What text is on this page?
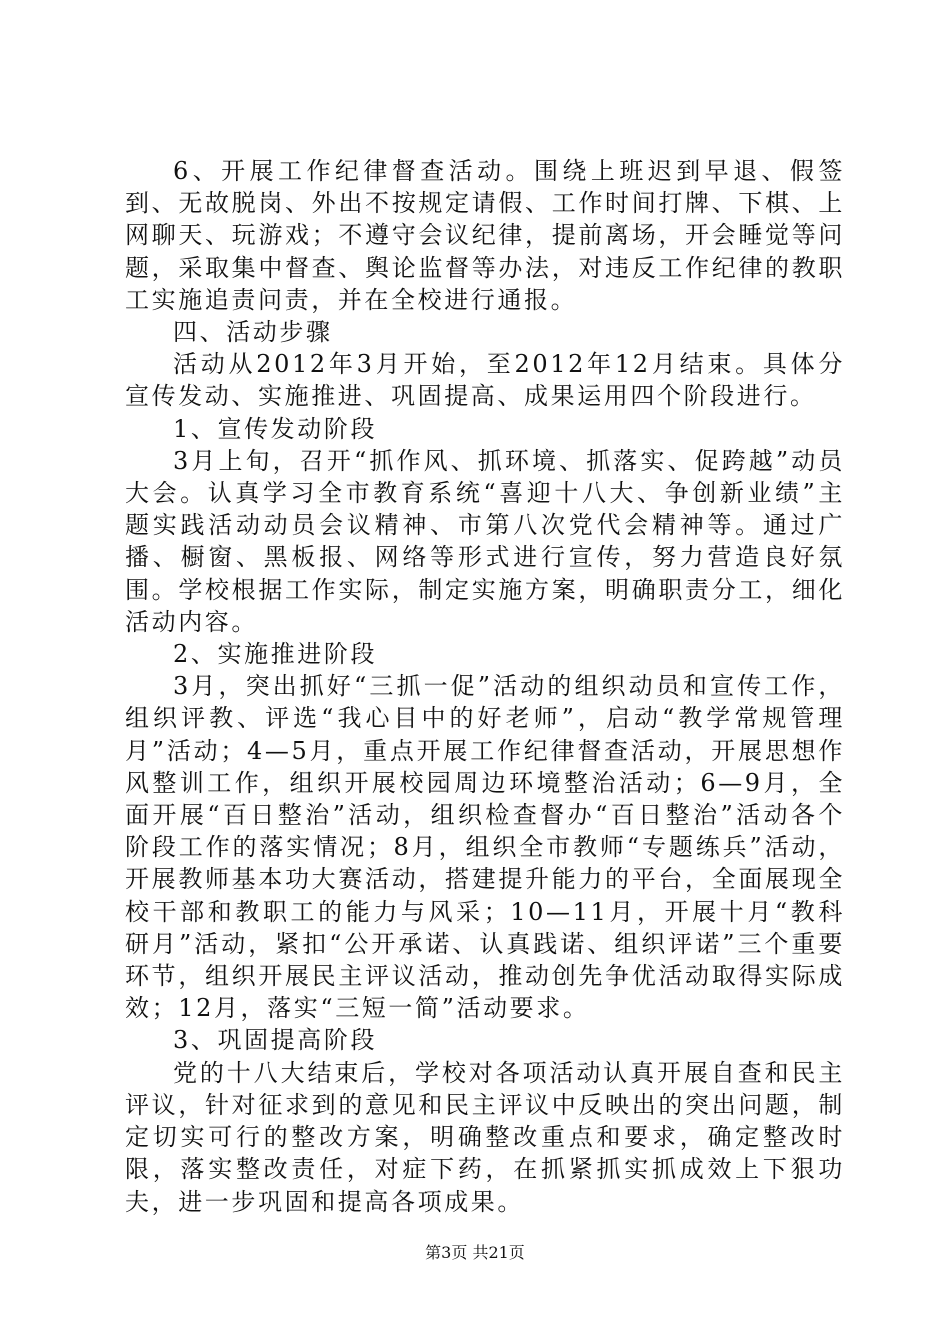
6、开展工作纪律督查活动。围绕上班迟到早退、假签到、无故脱岗、外出不按规定请假、工作时间打牌、下棋、上网聊天、玩游戏；不遵守会议纪律，提前离场，开会睡觉等问题，采取集中督查、舆论监督等办法，对违反工作纪律的教职工实施追责问责，并在全校进行通报。

四、活动步骤

活动从2012年3月开始，至2012年12月结束。具体分宣传发动、实施推进、巩固提高、成果运用四个阶段进行。

1、宣传发动阶段

3月上旬，召开“抓作风、抓环境、抓落实、促跨越”动员大会。认真学习全市教育系统“喜迎十八大、争创新业绩”主题实践活动动员会议精神、市第八次党代会精神等。通过广播、橱窗、黑板报、网络等形式进行宣传，努力营造良好氛围。学校根据工作实际，制定实施方案，明确职责分工，细化活动内容。

2、实施推进阶段

3月，突出抓好“三抓一促”活动的组织动员和宣传工作，组织评教、评选“我心目中的好老师”，启动“教学常规管理月”活动；4—5月，重点开展工作纪律督查活动，开展思想作风整训工作，组织开展校园周边环境整治活动；6—9月，全面开展“百日整治”活动，组织检查督办“百日整治”活动各个阶段工作的落实情况；8月，组织全市教师“专题练兵”活动，开展教师基本功大赛活动，搭建提升能力的平台，全面展现全校干部和教职工的能力与风采；10—11月，开展十月“教科研月”活动，紧扣“公开承诺、认真践诺、组织评诺”三个重要环节，组织开展民主评议活动，推动创先争优活动取得实际成效；12月，落实“三短一简”活动要求。

3、巩固提高阶段

党的十八大结束后，学校对各项活动认真开展自查和民主评议，针对征求到的意见和民主评议中反映出的突出问题，制定切实可行的整改方案，明确整改重点和要求，确定整改时限，落实整改责任，对症下药，在抓紧抓实抓成效上下狠功夫，进一步巩固和提高各项成果。

第3页 共21页
